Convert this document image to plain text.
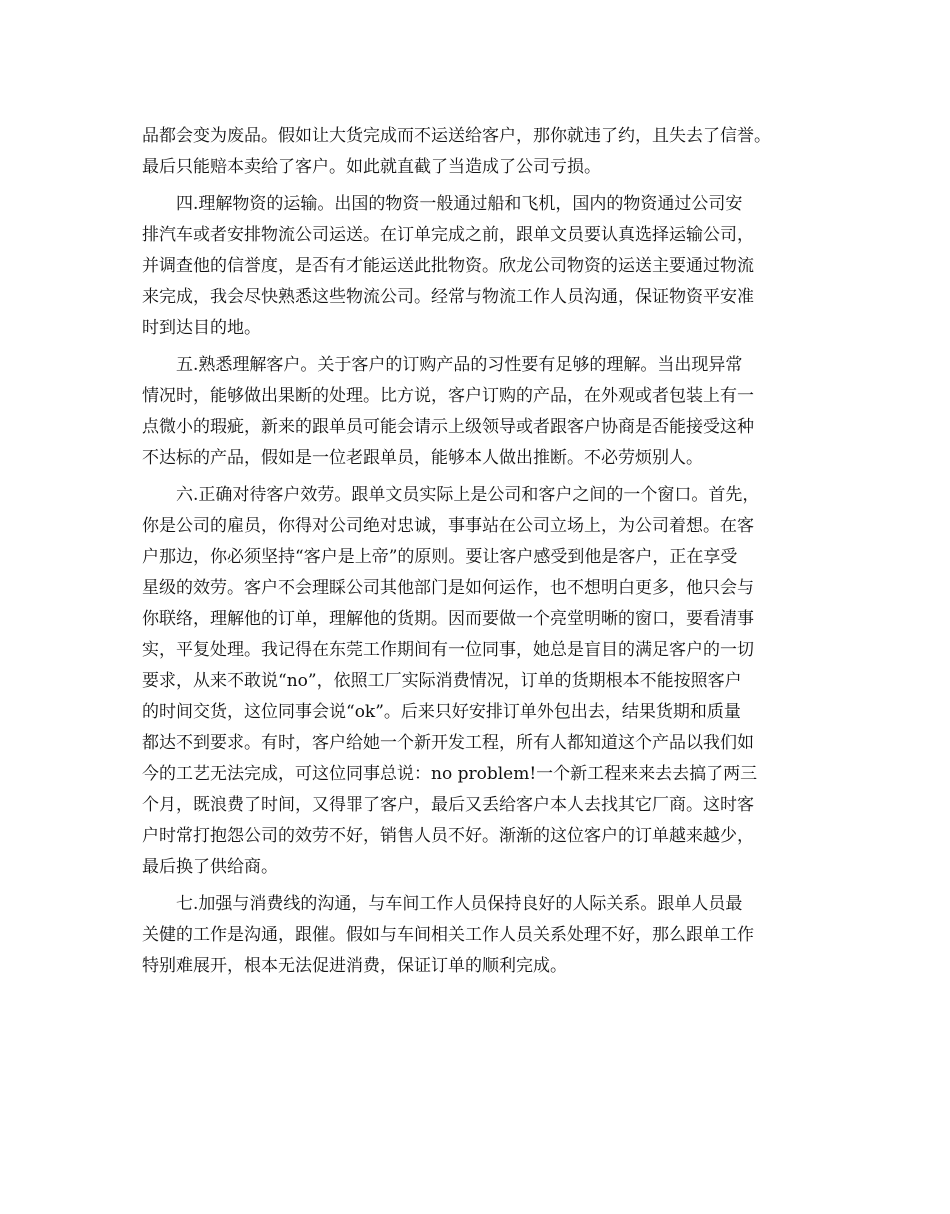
品都会变为废品。假如让大货完成而不运送给客户，那你就违了约，且失去了信誉。
最后只能赔本卖给了客户。如此就直截了当造成了公司亏损。
四.理解物资的运输。出国的物资一般通过船和飞机，国内的物资通过公司安
排汽车或者安排物流公司运送。在订单完成之前，跟单文员要认真选择运输公司，
并调查他的信誉度，是否有才能运送此批物资。欣龙公司物资的运送主要通过物流
来完成，我会尽快熟悉这些物流公司。经常与物流工作人员沟通，保证物资平安准
时到达目的地。
五.熟悉理解客户。关于客户的订购产品的习性要有足够的理解。当出现异常
情况时，能够做出果断的处理。比方说，客户订购的产品，在外观或者包装上有一
点微小的瑕疵，新来的跟单员可能会请示上级领导或者跟客户协商是否能接受这种
不达标的产品，假如是一位老跟单员，能够本人做出推断。不必劳烦别人。
六.正确对待客户效劳。跟单文员实际上是公司和客户之间的一个窗口。首先，
你是公司的雇员，你得对公司绝对忠诚，事事站在公司立场上，为公司着想。在客
户那边，你必须坚持“客户是上帝”的原则。要让客户感受到他是客户，正在享受
星级的效劳。客户不会理睬公司其他部门是如何运作，也不想明白更多，他只会与
你联络，理解他的订单，理解他的货期。因而要做一个亮堂明晰的窗口，要看清事
实，平复处理。我记得在东莞工作期间有一位同事，她总是盲目的满足客户的一切
要求，从来不敢说“no”，依照工厂实际消费情况，订单的货期根本不能按照客户
的时间交货，这位同事会说“ok”。后来只好安排订单外包出去，结果货期和质量
都达不到要求。有时，客户给她一个新开发工程，所有人都知道这个产品以我们如
今的工艺无法完成，可这位同事总说：no problem!一个新工程来来去去搞了两三
个月，既浪费了时间，又得罪了客户，最后又丢给客户本人去找其它厂商。这时客
户时常打抱怨公司的效劳不好，销售人员不好。渐渐的这位客户的订单越来越少，
最后换了供给商。
七.加强与消费线的沟通，与车间工作人员保持良好的人际关系。跟单人员最
关健的工作是沟通，跟催。假如与车间相关工作人员关系处理不好，那么跟单工作
特别难展开，根本无法促进消费，保证订单的顺利完成。
